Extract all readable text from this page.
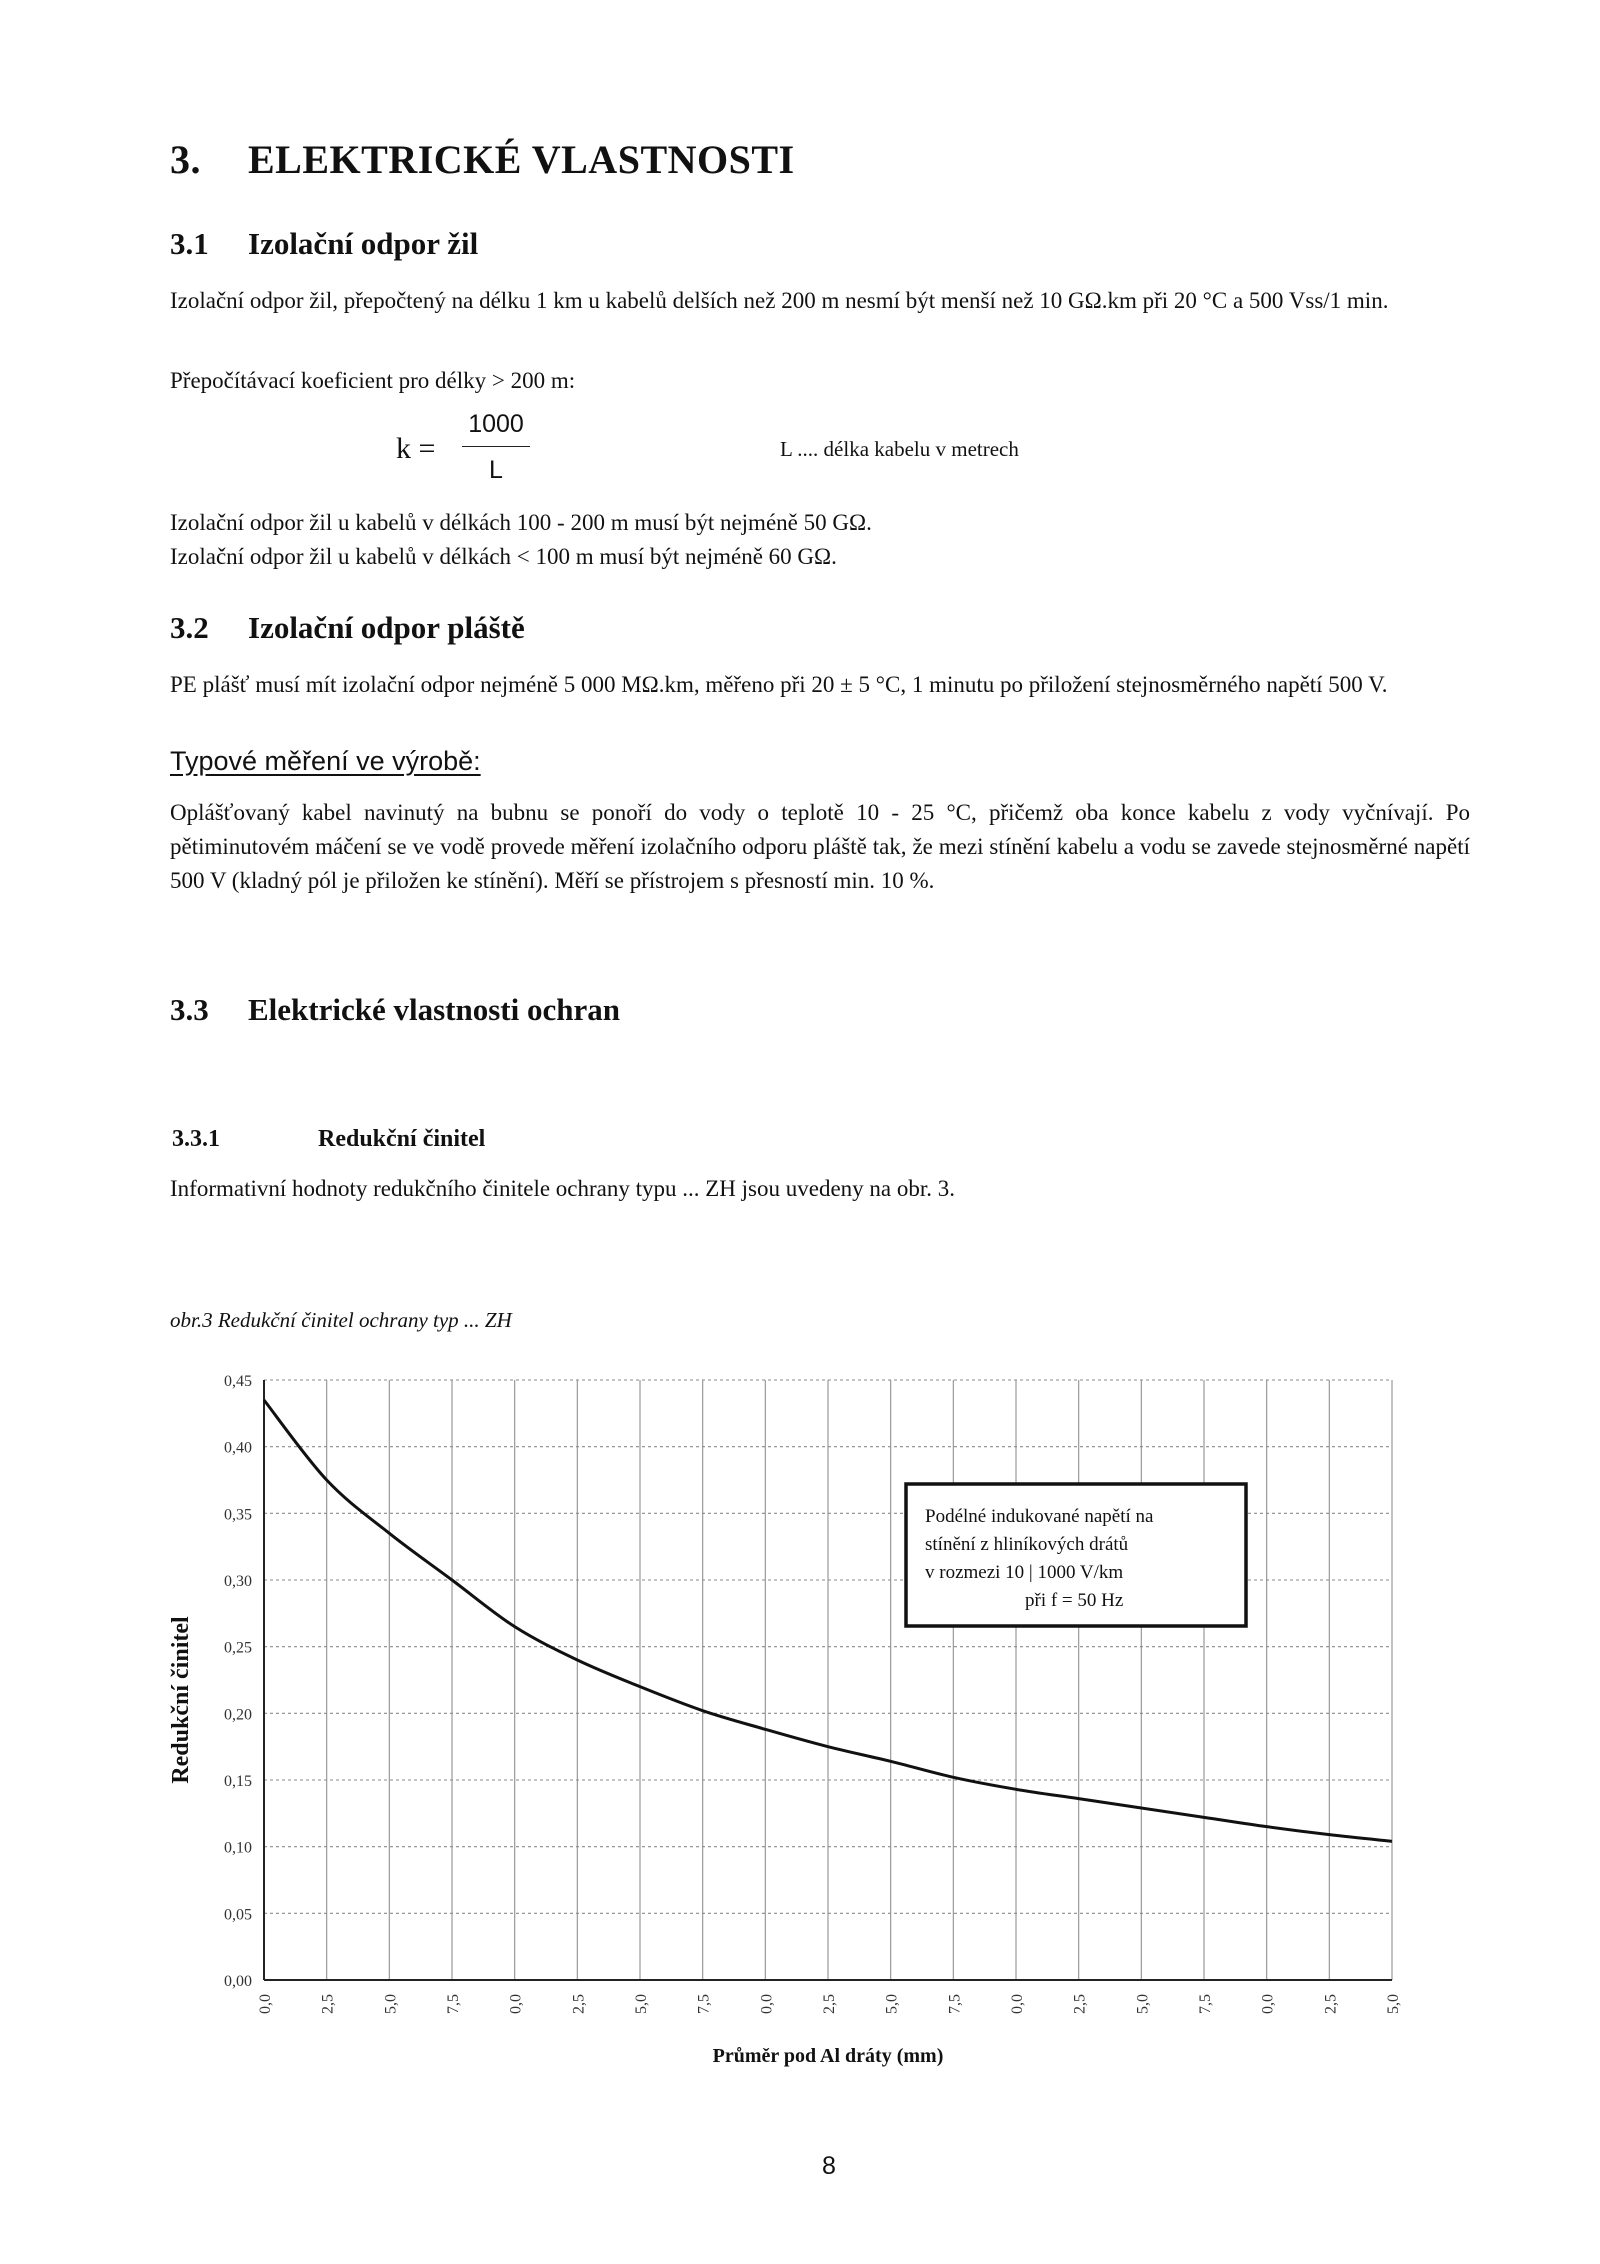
3. ELEKTRICKÉ VLASTNOSTI
3.1 Izolační odpor žil
Izolační odpor žil, přepočtený na délku 1 km u kabelů delších než 200 m nesmí být menší než 10 GΩ.km při 20 °C a 500 Vss/1 min.
Přepočítávací koeficient pro délky > 200 m:
k =
1000
L
L .... délka kabelu v metrech
Izolační odpor žil u kabelů v délkách 100 - 200 m musí být nejméně 50 GΩ.
Izolační odpor žil u kabelů v délkách < 100 m musí být nejméně 60 GΩ.
3.2 Izolační odpor pláště
PE plášť musí mít izolační odpor nejméně 5 000 MΩ.km, měřeno při 20 ± 5 °C, 1 minutu po přiložení stejnosměrného napětí 500 V.
Typové měření ve výrobě:
Oplášťovaný kabel navinutý na bubnu se ponoří do vody o teplotě 10 - 25 °C, přičemž oba konce kabelu z vody vyčnívají. Po pětiminutovém máčení se ve vodě provede měření izolačního odporu pláště tak, že mezi stínění kabelu a vodu se zavede stejnosměrné napětí 500 V (kladný pól je přiložen ke stínění). Měří se přístrojem s přesností min. 10 %.
3.3 Elektrické vlastnosti ochran
3.3.1	Redukční činitel
Informativní hodnoty redukčního činitele ochrany typu ... ZH jsou uvedeny na obr. 3.
obr.3 Redukční činitel ochrany typ ... ZH
0,00
0,05
0,10
0,15
0,20
0,25
0,30
0,35
0,40
0,45
0,0	2,5	5,0	7,5	0,0	2,5	5,0	7,5	0,0	2,5	5,0	7,5	0,0	2,5	5,0	7,5	0,0	2,5	5,0
Průměr pod Al dráty (mm)
Redukční činitel
Podélné indukované napětí na
stínění z hliníkových drátů
v rozmezi 10 | 1000 V/km
při f = 50 Hz
8
